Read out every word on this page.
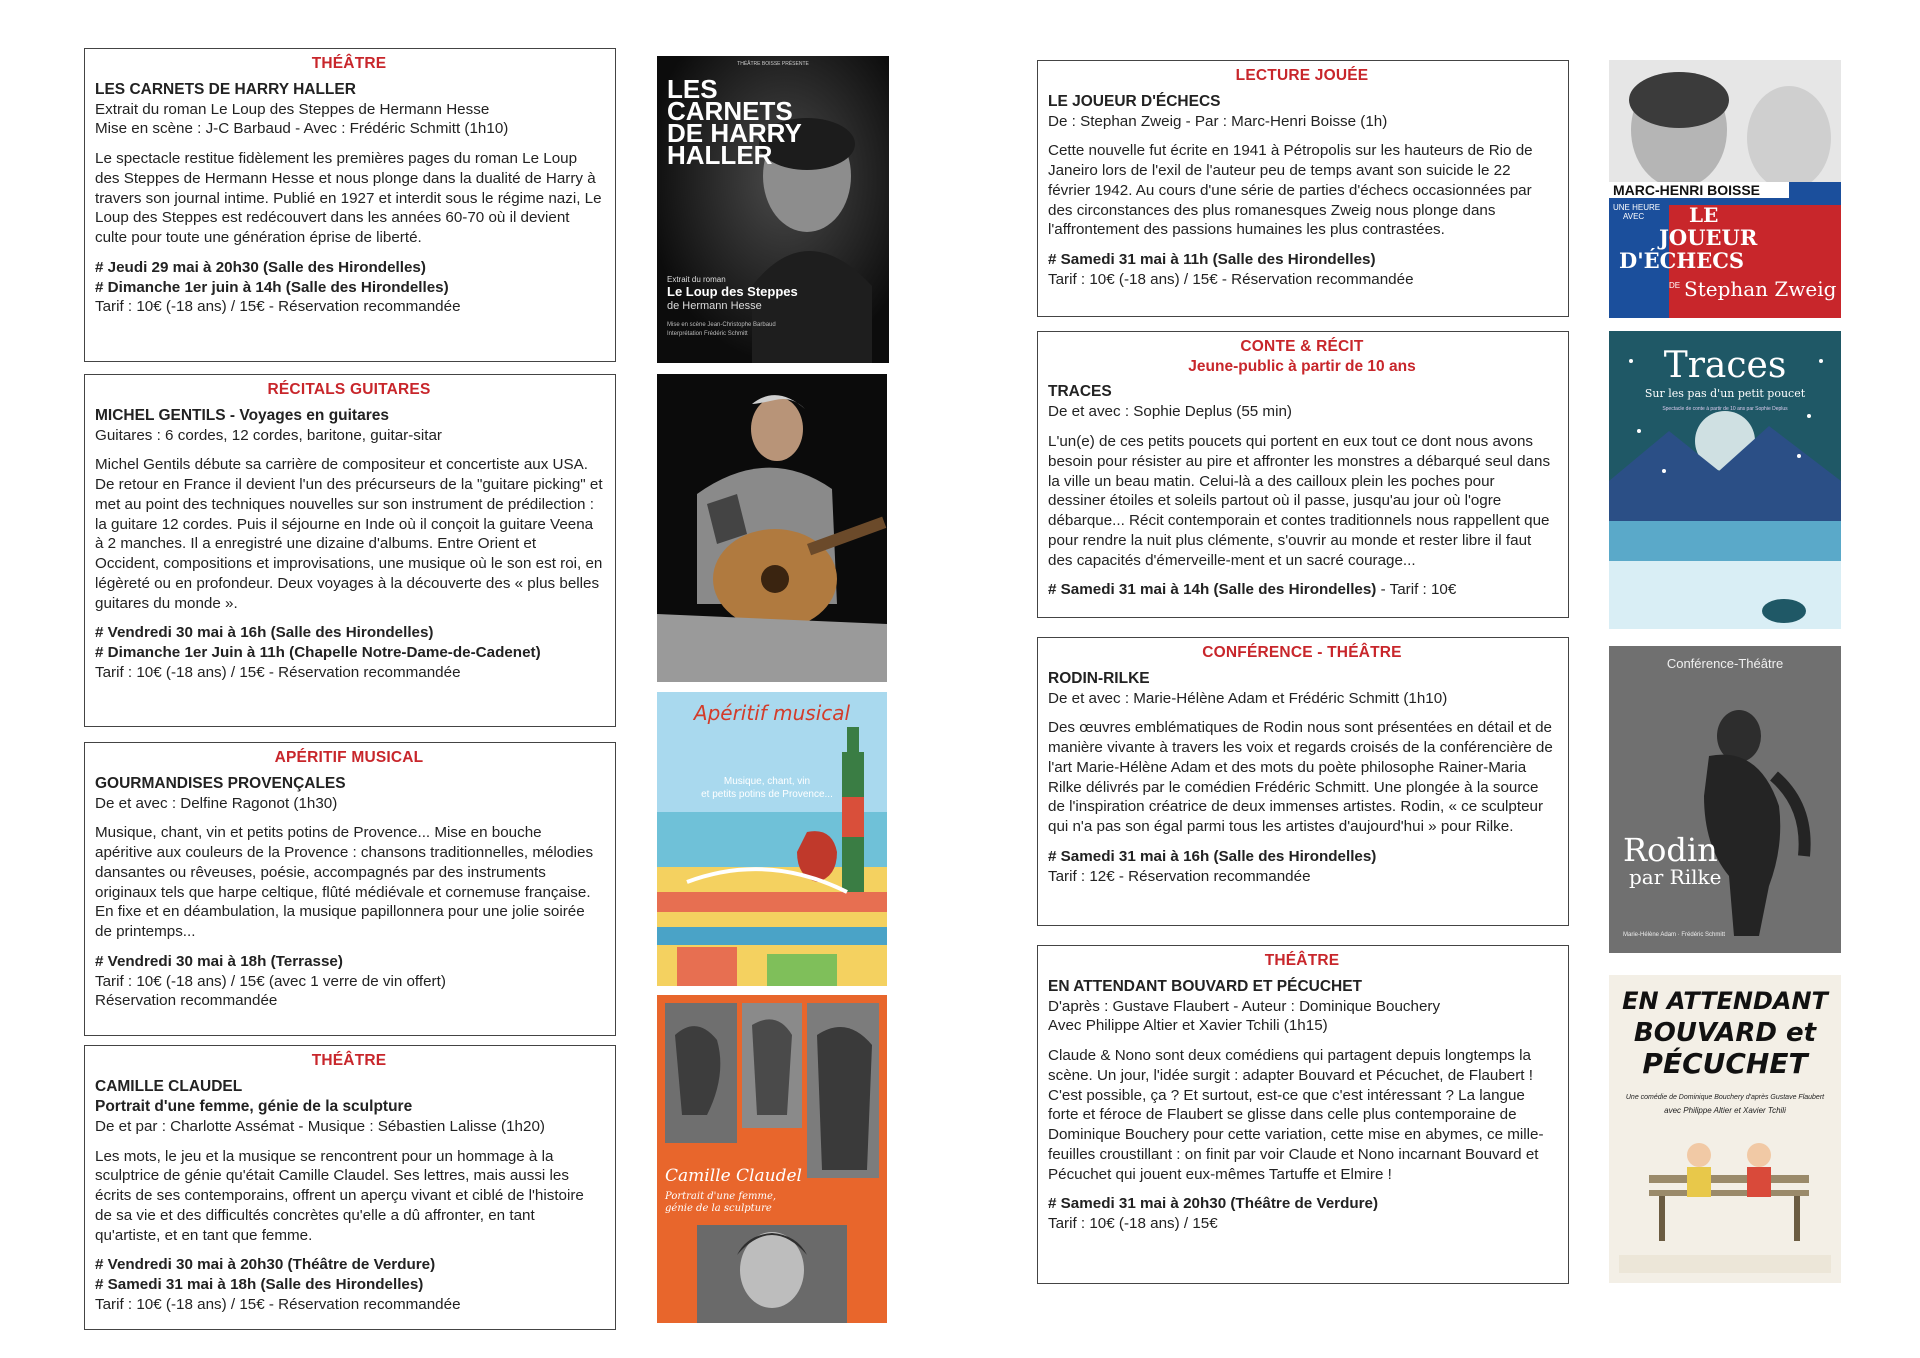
THÉÂTRE
LES CARNETS DE HARRY HALLER
Extrait du roman Le Loup des Steppes de Hermann Hesse
Mise en scène : J-C Barbaud - Avec : Frédéric Schmitt (1h10)
Le spectacle restitue fidèlement les premières pages du roman Le Loup des Steppes de Hermann Hesse et nous plonge dans la dualité de Harry à travers son journal intime. Publié en 1927 et interdit sous le régime nazi, Le Loup des Steppes est redécouvert dans les années 60-70 où il devient culte pour toute une génération éprise de liberté.
# Jeudi 29 mai à 20h30 (Salle des Hirondelles)
# Dimanche 1er juin à 14h (Salle des Hirondelles)
Tarif : 10€ (-18 ans) / 15€ - Réservation recommandée
THÉÂTRE BOISSE PRÉSENTE
LES
CARNETS
DE HARRY
HALLER
Extrait du roman
Le Loup des Steppes
de Hermann Hesse
Mise en scène Jean-Christophe Barbaud
Interprétation Frédéric Schmitt
RÉCITALS GUITARES
MICHEL GENTILS - Voyages en guitares
Guitares : 6 cordes, 12 cordes, baritone, guitar-sitar
Michel Gentils débute sa carrière de compositeur et concertiste aux USA. De retour en France il devient l'un des précurseurs de la "guitare picking" et met au point des techniques nouvelles sur son instrument de prédilection : la guitare 12 cordes. Puis il séjourne en Inde où il conçoit la guitare Veena à 2 manches. Il a enregistré une dizaine d'albums. Entre Orient et Occident, compositions et improvisations, une musique où le son est roi, en légèreté ou en profondeur. Deux voyages à la découverte des « plus belles guitares du monde ».
# Vendredi 30 mai à 16h (Salle des Hirondelles)
# Dimanche 1er Juin à 11h (Chapelle Notre-Dame-de-Cadenet)
Tarif : 10€ (-18 ans) / 15€ - Réservation recommandée
APÉRITIF MUSICAL
GOURMANDISES PROVENÇALES
De et avec : Delfine Ragonot (1h30)
Musique, chant, vin et petits potins de Provence... Mise en bouche apéritive aux couleurs de la Provence : chansons traditionnelles, mélodies dansantes ou rêveuses, poésie, accompagnés par des instruments originaux tels que harpe celtique, flûté médiévale et cornemuse française. En fixe et en déambulation, la musique papillonnera pour une jolie soirée de printemps...
# Vendredi 30 mai à 18h (Terrasse)
Tarif : 10€ (-18 ans) / 15€ (avec 1 verre de vin offert)
Réservation recommandée
Apéritif musical
Musique, chant, vin
et petits potins de Provence...
THÉÂTRE
CAMILLE CLAUDEL
Portrait d'une femme, génie de la sculpture
De et par : Charlotte Assémat - Musique : Sébastien Lalisse (1h20)
Les mots, le jeu et la musique se rencontrent pour un hommage à la sculptrice de génie qu'était Camille Claudel. Ses lettres, mais aussi les écrits de ses contemporains, offrent un aperçu vivant et ciblé de l'histoire de sa vie et des difficultés concrètes qu'elle a dû affronter, en tant qu'artiste, et en tant que femme.
# Vendredi 30 mai à 20h30 (Théâtre de Verdure)
# Samedi 31 mai à 18h (Salle des Hirondelles)
Tarif : 10€ (-18 ans) / 15€ - Réservation recommandée
Camille Claudel
Portrait d'une femme,
génie de la sculpture
LECTURE JOUÉE
LE JOUEUR D'ÉCHECS
De : Stephan Zweig - Par : Marc-Henri Boisse (1h)
Cette nouvelle fut écrite en 1941 à Pétropolis sur les hauteurs de Rio de Janeiro lors de l'exil de l'auteur peu de temps avant son suicide le 22 février 1942. Au cours d'une série de parties d'échecs occasionnées par des circonstances des plus romanesques Zweig nous plonge dans l'affrontement des passions humaines les plus contrastées.
# Samedi 31 mai à 11h (Salle des Hirondelles)
Tarif : 10€ (-18 ans) / 15€ - Réservation recommandée
MARC-HENRI BOISSE
UNE HEURE
AVEC LE
JOUEUR
D'ÉCHECS
DE Stephan Zweig
CONTE & RÉCIT
Jeune-public à partir de 10 ans
TRACES
De et avec : Sophie Deplus (55 min)
L'un(e) de ces petits poucets qui portent en eux tout ce dont nous avons besoin pour résister au pire et affronter les monstres a débarqué seul dans la ville un beau matin. Celui-là a des cailloux plein les poches pour dessiner étoiles et soleils partout où il passe, jusqu'au jour où l'ogre débarque... Récit contemporain et contes traditionnels nous rappellent que pour rendre la nuit plus clémente, s'ouvrir au monde et rester libre il faut des capacités d'émerveille-ment et un sacré courage...
# Samedi 31 mai à 14h (Salle des Hirondelles) - Tarif : 10€
Traces
Sur les pas d'un petit poucet
Spectacle de conte à partir de 10 ans par Sophie Deplus
CONFÉRENCE - THÉÂTRE
RODIN-RILKE
De et avec : Marie-Hélène Adam et Frédéric Schmitt (1h10)
Des œuvres emblématiques de Rodin nous sont présentées en détail et de manière vivante à travers les voix et regards croisés de la conférencière de l'art Marie-Hélène Adam et des mots du poète philosophe Rainer-Maria Rilke délivrés par le comédien Frédéric Schmitt. Une plongée à la source de l'inspiration créatrice de deux immenses artistes. Rodin, « ce sculpteur qui n'a pas son égal parmi tous les artistes d'aujourd'hui » pour Rilke.
# Samedi 31 mai à 16h (Salle des Hirondelles)
Tarif : 12€ - Réservation recommandée
Conférence-Théâtre
Rodin
par Rilke
Marie-Hélène Adam · Frédéric Schmitt
THÉÂTRE
EN ATTENDANT BOUVARD ET PÉCUCHET
D'après : Gustave Flaubert - Auteur : Dominique Bouchery
Avec Philippe Altier et Xavier Tchili (1h15)
Claude & Nono sont deux comédiens qui partagent depuis longtemps la scène. Un jour, l'idée surgit : adapter Bouvard et Pécuchet, de Flaubert ! C'est possible, ça ? Et surtout, est-ce que c'est intéressant ? La langue forte et féroce de Flaubert se glisse dans celle plus contemporaine de Dominique Bouchery pour cette variation, cette mise en abymes, ce mille-feuilles croustillant : on finit par voir Claude et Nono incarnant Bouvard et Pécuchet qui jouent eux-mêmes Tartuffe et Elmire !
# Samedi 31 mai à 20h30 (Théâtre de Verdure)
Tarif : 10€ (-18 ans) / 15€
EN ATTENDANT
BOUVARD et
PÉCUCHET
Une comédie de Dominique Bouchery d'après Gustave Flaubert
avec Philippe Altier et Xavier Tchili
